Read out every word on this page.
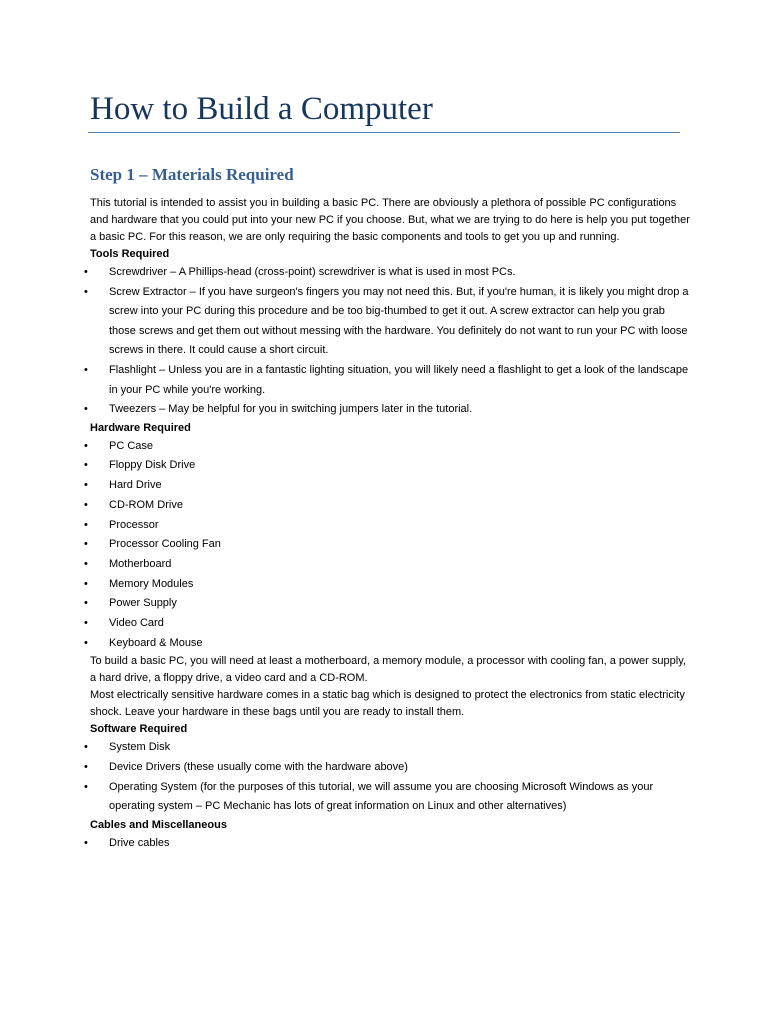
How to Build a Computer
Step 1 – Materials Required

This tutorial is intended to assist you in building a basic PC. There are obviously a plethora of possible PC configurations and hardware that you could put into your new PC if you choose. But, what we are trying to do here is help you put together a basic PC. For this reason, we are only requiring the basic components and tools to get you up and running.

Tools Required
• Screwdriver – A Phillips-head (cross-point) screwdriver is what is used in most PCs.
• Screw Extractor – If you have surgeon's fingers you may not need this. But, if you're human, it is likely you might drop a screw into your PC during this procedure and be too big-thumbed to get it out. A screw extractor can help you grab those screws and get them out without messing with the hardware. You definitely do not want to run your PC with loose screws in there. It could cause a short circuit.
• Flashlight – Unless you are in a fantastic lighting situation, you will likely need a flashlight to get a look of the landscape in your PC while you're working.
• Tweezers – May be helpful for you in switching jumpers later in the tutorial.
Hardware Required
• PC Case
• Floppy Disk Drive
• Hard Drive
• CD-ROM Drive
• Processor
• Processor Cooling Fan
• Motherboard
• Memory Modules
• Power Supply
• Video Card
• Keyboard & Mouse

To build a basic PC, you will need at least a motherboard, a memory module, a processor with cooling fan, a power supply, a hard drive, a floppy drive, a video card and a CD-ROM.

Most electrically sensitive hardware comes in a static bag which is designed to protect the electronics from static electricity shock. Leave your hardware in these bags until you are ready to install them.

Software Required
• System Disk
• Device Drivers (these usually come with the hardware above)
• Operating System (for the purposes of this tutorial, we will assume you are choosing Microsoft Windows as your operating system – PC Mechanic has lots of great information on Linux and other alternatives)
Cables and Miscellaneous
• Drive cables
